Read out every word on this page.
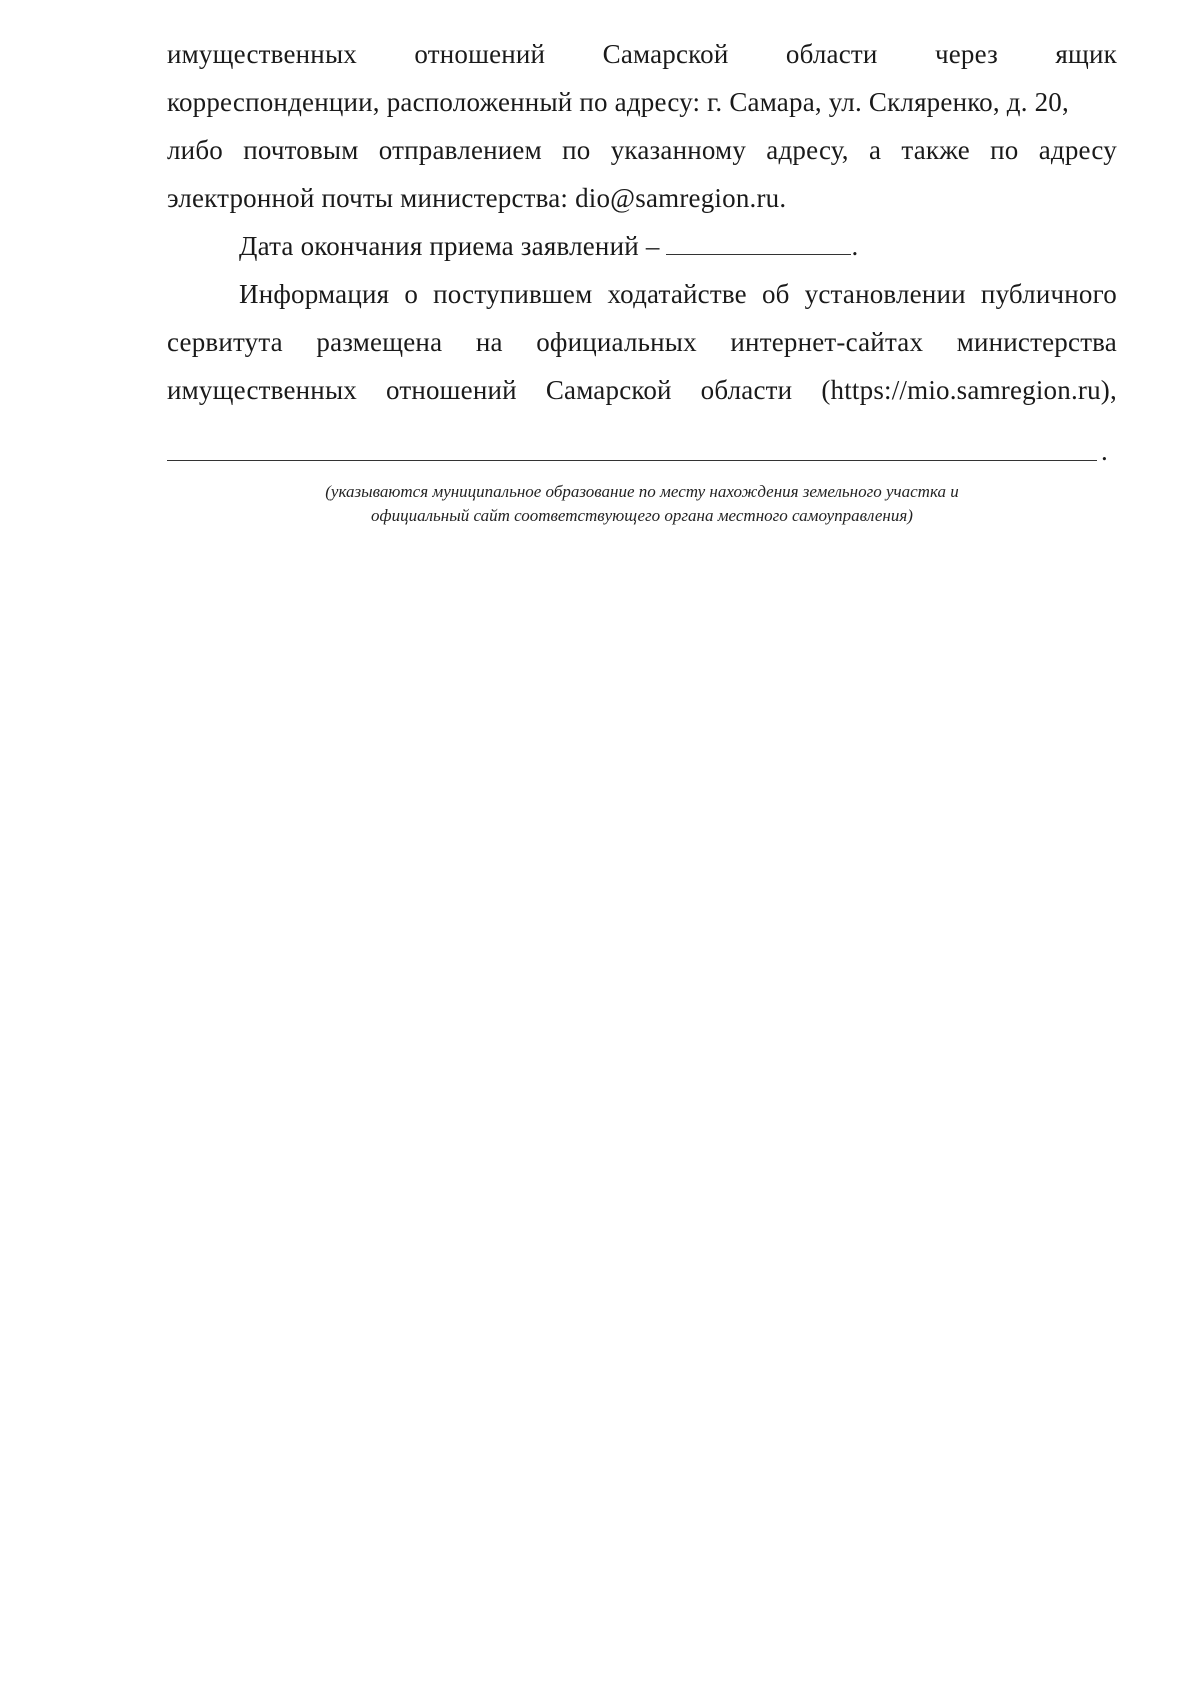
имущественных отношений Самарской области через ящик
корреспонденции, расположенный по адресу: г. Самара, ул. Скляренко, д. 20,
либо почтовым отправлением по указанному адресу, а также по адресу
электронной почты министерства: dio@samregion.ru.
Дата окончания приема заявлений –	.
Информация о поступившем ходатайстве об установлении публичного
сервитута размещена на официальных интернет-сайтах министерства
имущественных отношений Самарской области (https://mio.samregion.ru),
.
(указываются муниципальное образование по месту нахождения земельного участка и
официальный сайт соответствующего органа местного самоуправления)
